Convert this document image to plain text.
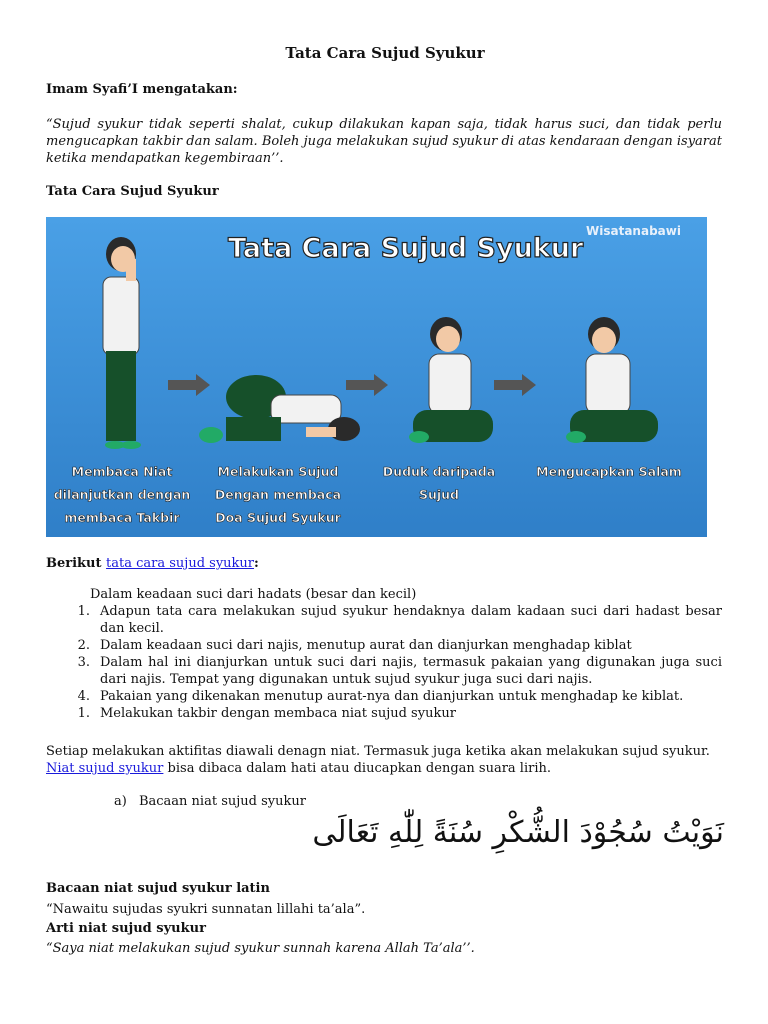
Tata Cara Sujud Syukur
Imam Syafi’I mengatakan:
“Sujud syukur tidak seperti shalat, cukup dilakukan kapan saja, tidak harus suci, dan tidak perlu mengucapkan takbir dan salam. Boleh juga melakukan sujud syukur di atas kendaraan dengan isyarat ketika mendapatkan kegembiraan’’.
Tata Cara Sujud Syukur
Tata Cara Sujud Syukur
Wisatanabawi
Membaca Niat
dilanjutkan dengan
membaca Takbir
Melakukan Sujud
Dengan membaca
Doa Sujud Syukur
Duduk daripada
Sujud
Mengucapkan Salam
Berikut tata cara sujud syukur:
Dalam keadaan suci dari hadats (besar dan kecil)
1. Adapun tata cara melakukan sujud syukur hendaknya dalam kadaan suci dari hadast besar dan kecil.
2. Dalam keadaan suci dari najis, menutup aurat dan dianjurkan menghadap kiblat
3. Dalam hal ini dianjurkan untuk suci dari najis, termasuk pakaian yang digunakan juga suci dari najis. Tempat yang digunakan untuk sujud syukur juga suci dari najis.
4. Pakaian yang dikenakan menutup aurat-nya dan dianjurkan untuk menghadap ke kiblat.
1. Melakukan takbir dengan membaca niat sujud syukur
Setiap melakukan aktifitas diawali denagn niat. Termasuk juga ketika akan melakukan sujud syukur. Niat sujud syukur bisa dibaca dalam hati atau diucapkan dengan suara lirih.
a) Bacaan niat sujud syukur
نَوَيْتُ سُجُوْدَ الشُّكْرِ سُنَةً لِلّٰهِ تَعَالَى
Bacaan niat sujud syukur latin
“Nawaitu sujudas syukri sunnatan lillahi ta’ala”.
Arti niat sujud syukur
“Saya niat melakukan sujud syukur sunnah karena Allah Ta’ala’’.
